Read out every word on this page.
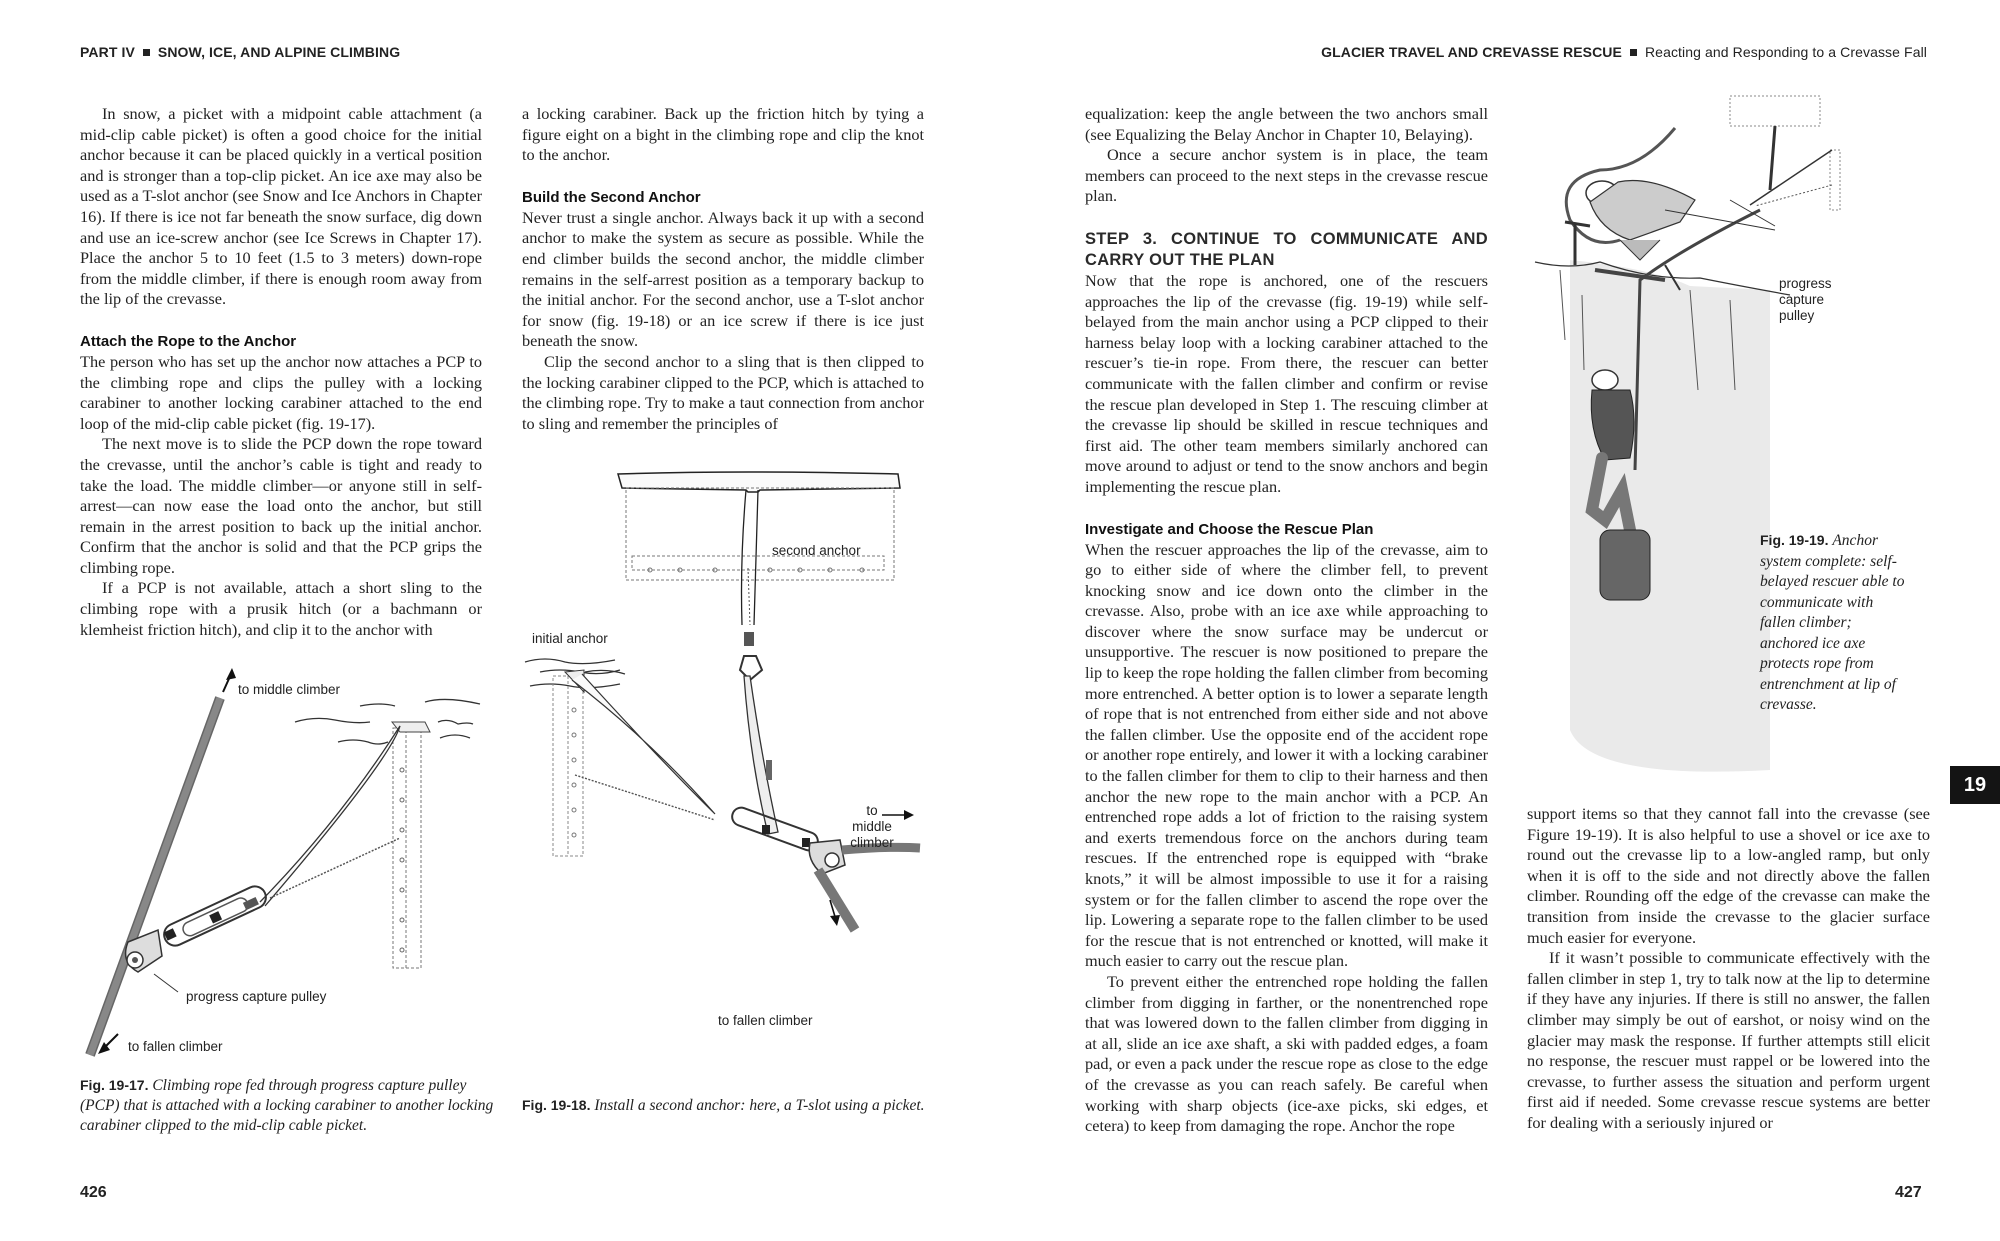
PART IV SNOW, ICE, AND ALPINE CLIMBING

In snow, a picket with a midpoint cable attachment (a mid-clip cable picket) is often a good choice for the initial anchor because it can be placed quickly in a vertical position and is stronger than a top-clip picket. An ice axe may also be used as a T-slot anchor (see Snow and Ice Anchors in Chapter 16). If there is ice not far beneath the snow surface, dig down and use an ice-screw anchor (see Ice Screws in Chapter 17). Place the anchor 5 to 10 feet (1.5 to 3 meters) down-rope from the middle climber, if there is enough room away from the lip of the crevasse.

Attach the Rope to the Anchor

The person who has set up the anchor now attaches a PCP to the climbing rope and clips the pulley with a locking carabiner to another locking carabiner attached to the end loop of the mid-clip cable picket (fig. 19-17).

The next move is to slide the PCP down the rope toward the crevasse, until the anchor’s cable is tight and ready to take the load. The middle climber—or anyone still in self-arrest—can now ease the load onto the anchor, but still remain in the arrest position to back up the initial anchor. Confirm that the anchor is solid and that the PCP grips the climbing rope.

If a PCP is not available, attach a short sling to the climbing rope with a prusik hitch (or a bachmann or klemheist friction hitch), and clip it to the anchor with

a locking carabiner. Back up the friction hitch by tying a figure eight on a bight in the climbing rope and clip the knot to the anchor.

Build the Second Anchor

Never trust a single anchor. Always back it up with a second anchor to make the system as secure as possible. While the end climber builds the second anchor, the middle climber remains in the self-arrest position as a temporary backup to the initial anchor. For the second anchor, use a T-slot anchor for snow (fig. 19-18) or an ice screw if there is ice just beneath the snow.

Clip the second anchor to a sling that is then clipped to the locking carabiner clipped to the PCP, which is attached to the climbing rope. Try to make a taut connection from anchor to sling and remember the principles of

to middle climber
progress capture pulley
to fallen climber
Fig. 19-17. Climbing rope fed through progress capture pulley (PCP) that is attached with a locking carabiner to another locking carabiner clipped to the mid-clip cable picket.
second anchor
initial anchor
to
middle
climber
to fallen climber
Fig. 19-18. Install a second anchor: here, a T-slot using a picket.
426
GLACIER TRAVEL AND CREVASSE RESCUE Reacting and Responding to a Crevasse Fall

equalization: keep the angle between the two anchors small (see Equalizing the Belay Anchor in Chapter 10, Belaying).

Once a secure anchor system is in place, the team members can proceed to the next steps in the crevasse rescue plan.

STEP 3. CONTINUE TO COMMUNICATE AND CARRY OUT THE PLAN

Now that the rope is anchored, one of the rescuers approaches the lip of the crevasse (fig. 19-19) while self-belayed from the main anchor using a PCP clipped to their harness belay loop with a locking carabiner attached to the rescuer’s tie-in rope. From there, the rescuer can better communicate with the fallen climber and confirm or revise the rescue plan developed in Step 1. The rescuing climber at the crevasse lip should be skilled in rescue techniques and first aid. The other team members similarly anchored can move around to adjust or tend to the snow anchors and begin implementing the rescue plan.

Investigate and Choose the Rescue Plan

When the rescuer approaches the lip of the crevasse, aim to go to either side of where the climber fell, to prevent knocking snow and ice down onto the climber in the crevasse. Also, probe with an ice axe while approaching to discover where the snow surface may be undercut or unsupportive. The rescuer is now positioned to prepare the lip to keep the rope holding the fallen climber from becoming more entrenched. A better option is to lower a separate length of rope that is not entrenched from either side and not above the fallen climber. Use the opposite end of the accident rope or another rope entirely, and lower it with a locking carabiner to the fallen climber for them to clip to their harness and then anchor the new rope to the main anchor with a PCP. An entrenched rope adds a lot of friction to the raising system and exerts tremendous force on the anchors during team rescues. If the entrenched rope is equipped with “brake knots,” it will be almost impossible to use it for a raising system or for the fallen climber to ascend the rope over the lip. Lowering a separate rope to the fallen climber to be used for the rescue that is not entrenched or knotted, will make it much easier to carry out the rescue plan.

To prevent either the entrenched rope holding the fallen climber from digging in farther, or the nonentrenched rope that was lowered down to the fallen climber from digging in at all, slide an ice axe shaft, a ski with padded edges, a foam pad, or even a pack under the rescue rope as close to the edge of the crevasse as you can reach safely. Be careful when working with sharp objects (ice-axe picks, ski edges, et cetera) to keep from damaging the rope. Anchor the rope

progress
capture
pulley
Fig. 19-19. Anchor system complete: self-belayed rescuer able to communicate with fallen climber; anchored ice axe protects rope from entrenchment at lip of crevasse.

support items so that they cannot fall into the crevasse (see Figure 19-19). It is also helpful to use a shovel or ice axe to round out the crevasse lip to a low-angled ramp, but only when it is off to the side and not directly above the fallen climber. Rounding off the edge of the crevasse can make the transition from inside the crevasse to the glacier surface much easier for everyone.

If it wasn’t possible to communicate effectively with the fallen climber in step 1, try to talk now at the lip to determine if they have any injuries. If there is still no answer, the fallen climber may simply be out of earshot, or noisy wind on the glacier may mask the response. If further attempts still elicit no response, the rescuer must rappel or be lowered into the crevasse, to further assess the situation and perform urgent first aid if needed. Some crevasse rescue systems are better for dealing with a seriously injured or

19
427
